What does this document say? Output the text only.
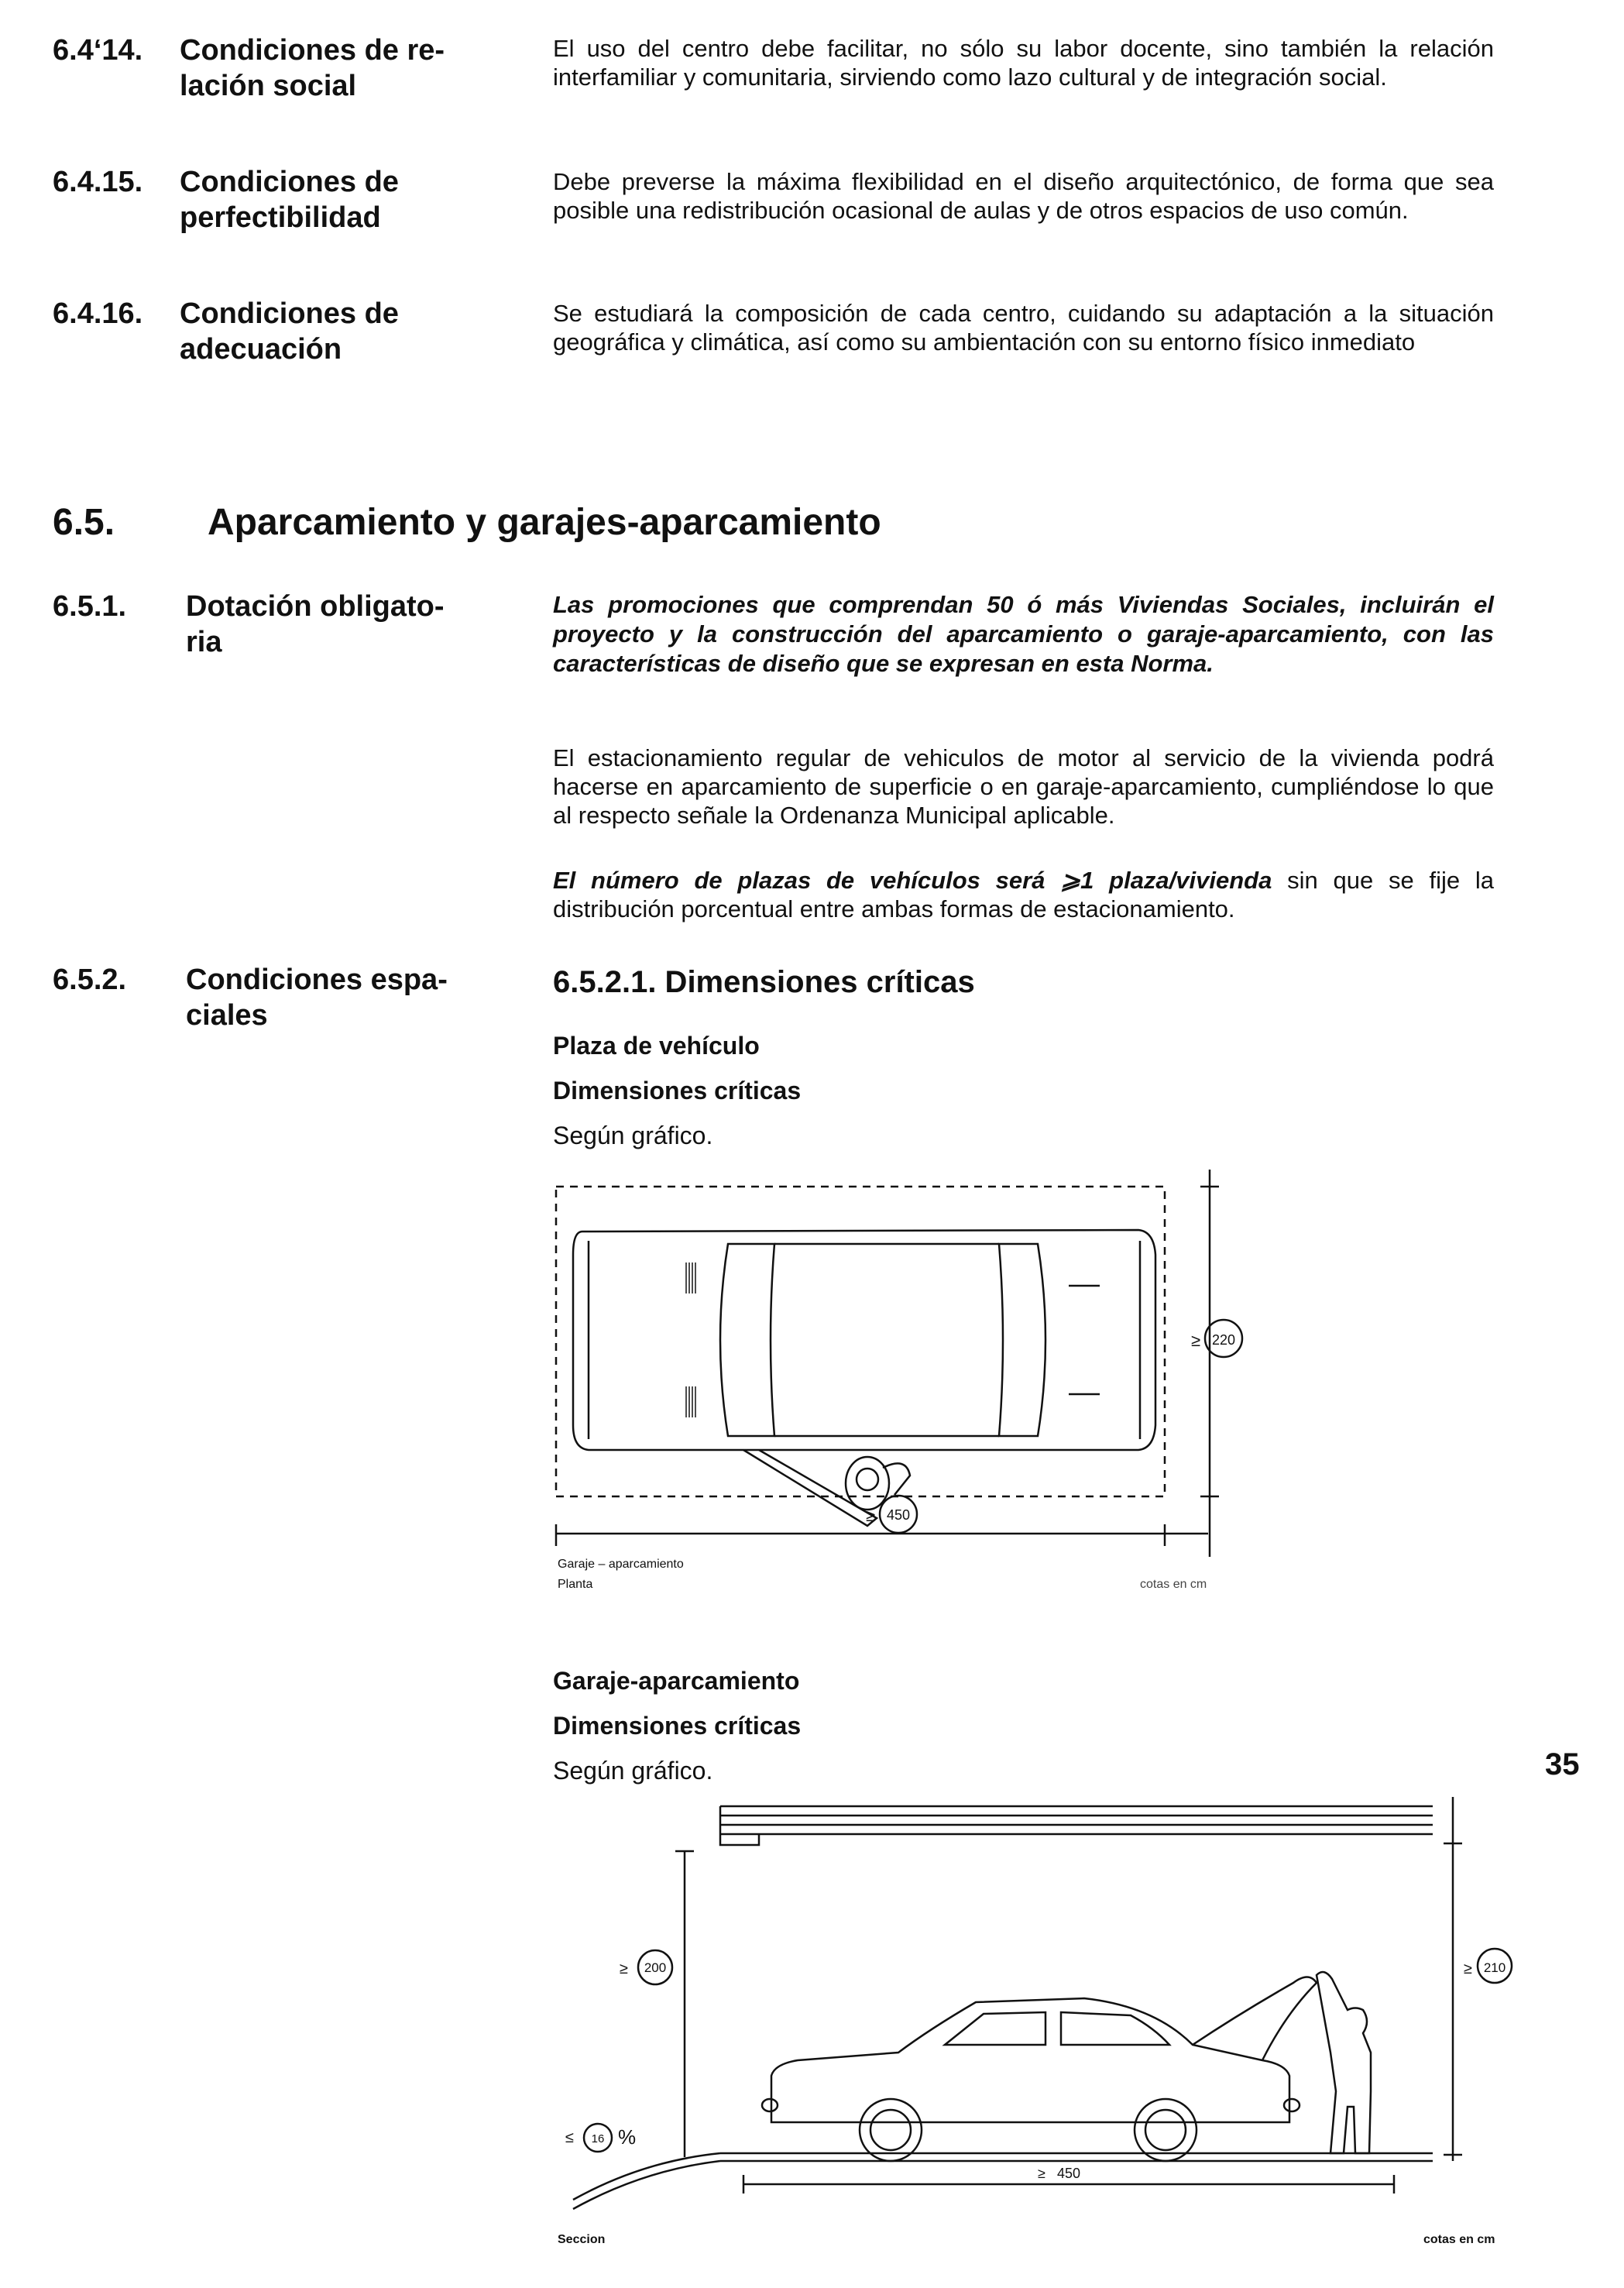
6.4‘14. Condiciones de re-
lación social
El uso del centro debe facilitar, no sólo su labor docente, sino también la relación interfamiliar y comunitaria, sirviendo como lazo cultural y de integración social.
6.4.15. Condiciones de
perfectibilidad
Debe preverse la máxima flexibilidad en el diseño arquitectónico, de forma que sea posible una redistribución ocasional de aulas y de otros espacios de uso común.
6.4.16. Condiciones de
adecuación
Se estudiará la composición de cada centro, cuidando su adaptación a la situación geográfica y climática, así como su ambientación con su entorno físico inmediato
6.5. Aparcamiento y garajes-aparcamiento
6.5.1. Dotación obligato-
ria
Las promociones que comprendan 50 ó más Viviendas Sociales, incluirán el proyecto y la construcción del aparcamiento o garaje-aparcamiento, con las características de diseño que se expresan en esta Norma.
El estacionamiento regular de vehiculos de motor al servicio de la vivienda podrá hacerse en aparcamiento de superficie o en garaje-aparcamiento, cumpliéndose lo que al respecto señale la Ordenanza Municipal aplicable.
El número de plazas de vehículos será ⩾1 plaza/vivienda sin que se fije la distribución porcentual entre ambas formas de estacionamiento.
6.5.2. Condiciones espa-
ciales
6.5.2.1. Dimensiones críticas
Plaza de vehículo
Dimensiones críticas
Según gráfico.
≥ 220
≥ 450
Garaje – aparcamiento
Planta	cotas en cm
Garaje-aparcamiento
Dimensiones críticas
Según gráfico.	35
≥ 200	≥ 210
≤ 16 %
≥ 450
Seccion	cotas en cm
